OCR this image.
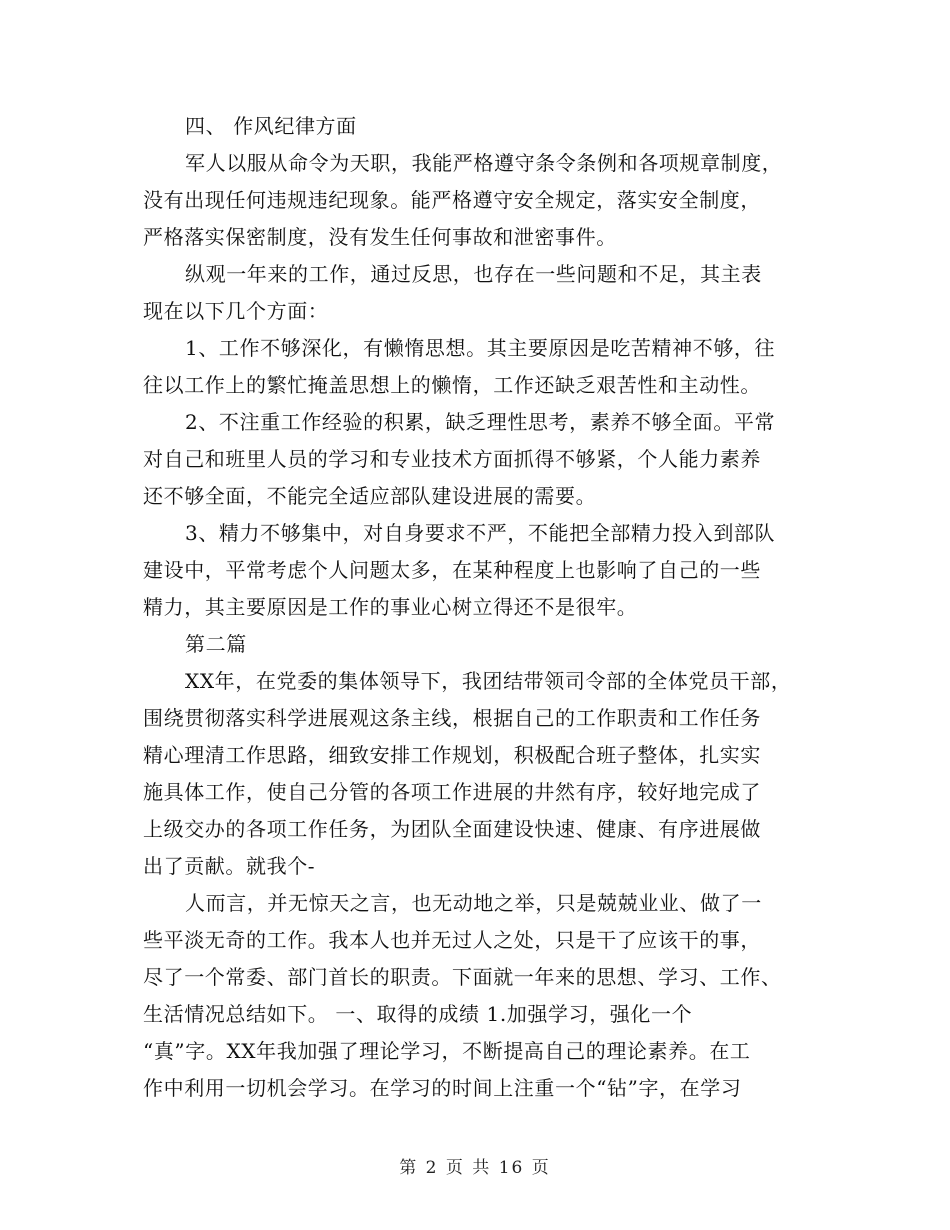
四、 作风纪律方面
军人以服从命令为天职，我能严格遵守条令条例和各项规章制度，
没有出现任何违规违纪现象。能严格遵守安全规定，落实安全制度，
严格落实保密制度，没有发生任何事故和泄密事件。
纵观一年来的工作，通过反思，也存在一些问题和不足，其主表
现在以下几个方面：
1、工作不够深化，有懒惰思想。其主要原因是吃苦精神不够，往
往以工作上的繁忙掩盖思想上的懒惰，工作还缺乏艰苦性和主动性。
2、不注重工作经验的积累，缺乏理性思考，素养不够全面。平常
对自己和班里人员的学习和专业技术方面抓得不够紧，个人能力素养
还不够全面，不能完全适应部队建设进展的需要。
3、精力不够集中，对自身要求不严，不能把全部精力投入到部队
建设中，平常考虑个人问题太多，在某种程度上也影响了自己的一些
精力，其主要原因是工作的事业心树立得还不是很牢。
第二篇
XX年，在党委的集体领导下，我团结带领司令部的全体党员干部，
围绕贯彻落实科学进展观这条主线，根据自己的工作职责和工作任务
精心理清工作思路，细致安排工作规划，积极配合班子整体，扎实实
施具体工作，使自己分管的各项工作进展的井然有序，较好地完成了
上级交办的各项工作任务，为团队全面建设快速、健康、有序进展做
出了贡献。就我个-
人而言，并无惊天之言，也无动地之举，只是兢兢业业、做了一
些平淡无奇的工作。我本人也并无过人之处，只是干了应该干的事，
尽了一个常委、部门首长的职责。下面就一年来的思想、学习、工作、
生活情况总结如下。 一、取得的成绩 1.加强学习，强化一个
“真”字。XX年我加强了理论学习，不断提高自己的理论素养。在工
作中利用一切机会学习。在学习的时间上注重一个“钻”字，在学习
第 2 页 共 16 页
